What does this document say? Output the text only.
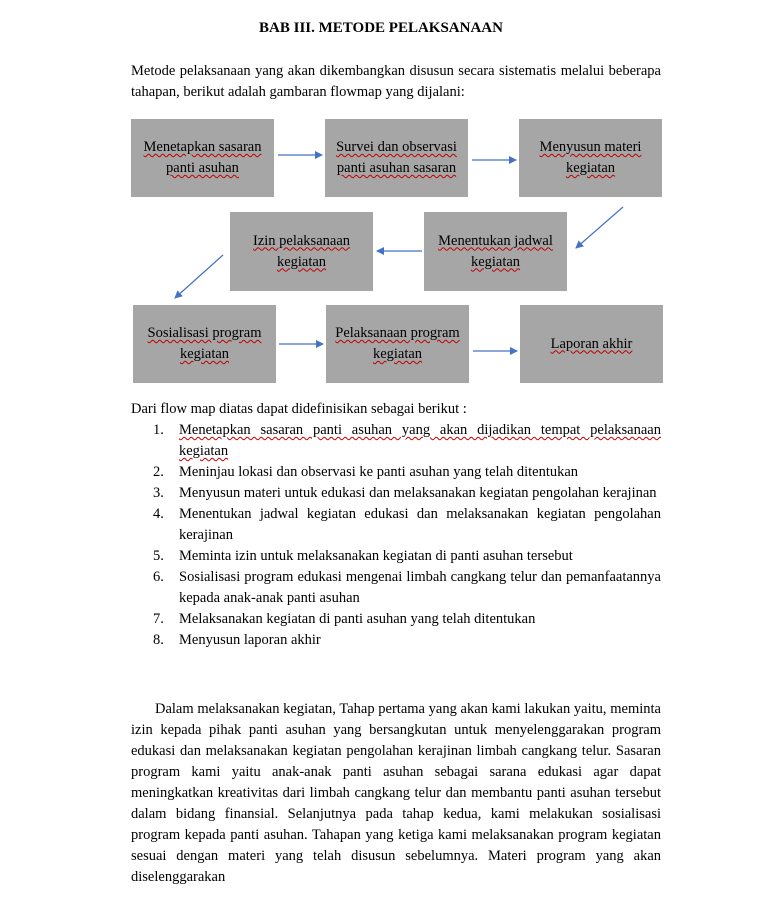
BAB III. METODE PELAKSANAAN
Metode pelaksanaan yang akan dikembangkan disusun secara sistematis melalui beberapa tahapan, berikut adalah gambaran flowmap yang dijalani:
Menetapkan sasaran panti asuhan
Survei dan observasi panti asuhan sasaran
Menyusun materi kegiatan
Menentukan jadwal kegiatan
Izin pelaksanaan kegiatan
Sosialisasi program kegiatan
Pelaksanaan program kegiatan
Laporan akhir
Dari flow map diatas dapat didefinisikan sebagai berikut :
1. Menetapkan sasaran panti asuhan yang akan dijadikan tempat pelaksanaan kegiatan
2. Meninjau lokasi dan observasi ke panti asuhan yang telah ditentukan
3. Menyusun materi untuk edukasi dan melaksanakan kegiatan pengolahan kerajinan
4. Menentukan jadwal kegiatan edukasi dan melaksanakan kegiatan pengolahan kerajinan
5. Meminta izin untuk melaksanakan kegiatan di panti asuhan tersebut
6. Sosialisasi program edukasi mengenai limbah cangkang telur dan pemanfaatannya kepada anak-anak panti asuhan
7. Melaksanakan kegiatan di panti asuhan yang telah ditentukan
8. Menyusun laporan akhir
Dalam melaksanakan kegiatan, Tahap pertama yang akan kami lakukan yaitu, meminta izin kepada pihak panti asuhan yang bersangkutan untuk menyelenggarakan program edukasi dan melaksanakan kegiatan pengolahan kerajinan limbah cangkang telur. Sasaran program kami yaitu anak-anak panti asuhan sebagai sarana edukasi agar dapat meningkatkan kreativitas dari limbah cangkang telur dan membantu panti asuhan tersebut dalam bidang finansial. Selanjutnya pada tahap kedua, kami melakukan sosialisasi program kepada panti asuhan. Tahapan yang ketiga kami melaksanakan program kegiatan sesuai dengan materi yang telah disusun sebelumnya. Materi program yang akan diselenggarakan
